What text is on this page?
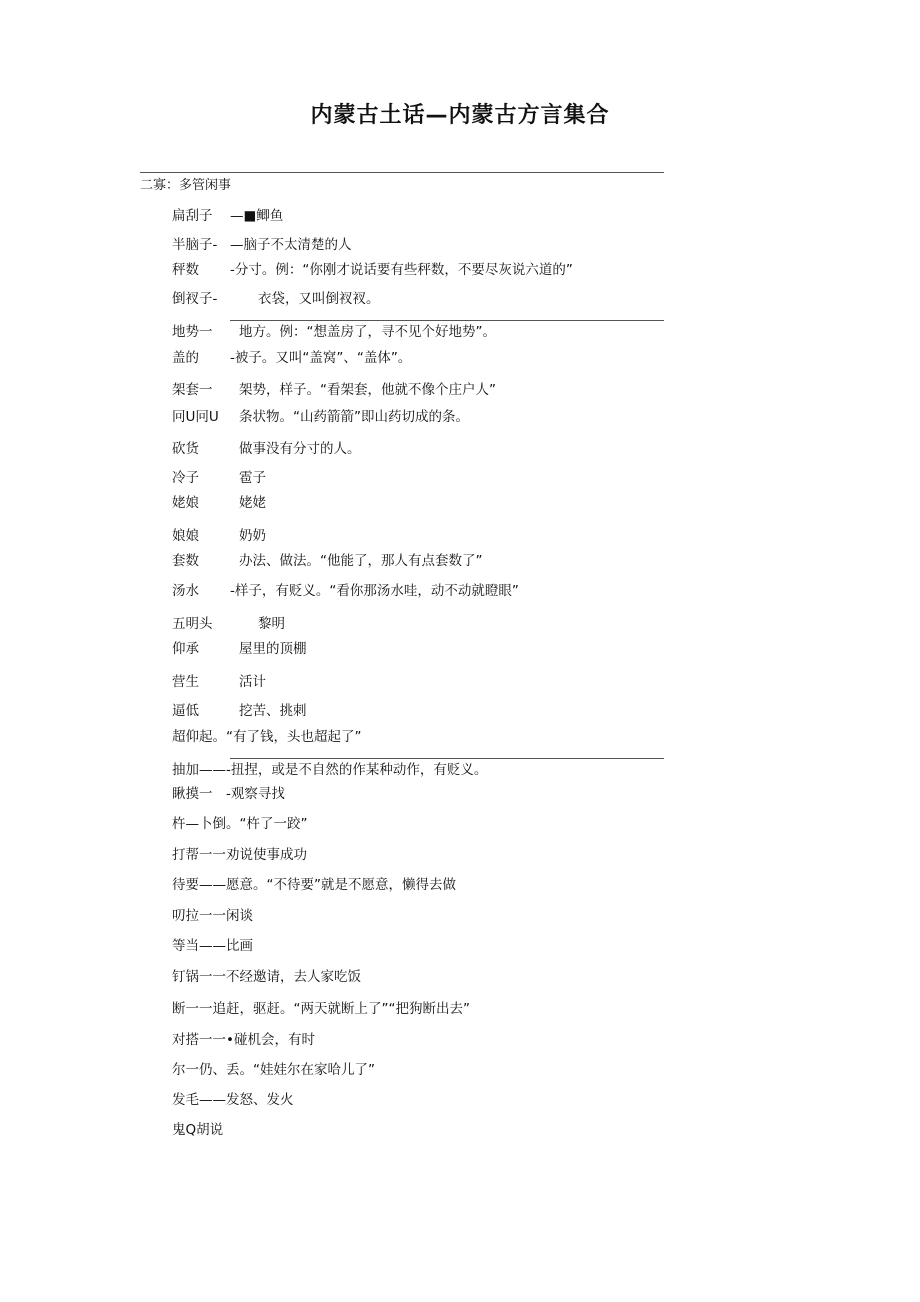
内蒙古土话—内蒙古方言集合
二寡：多管闲事
扁刮子 —■鲫鱼
半脑子- —脑子不太清楚的人
秤数 -分寸。例：“你刚才说话要有些秤数，不要尽灰说六道的”
倒衩子-	衣袋，又叫倒衩衩。
地势一 地方。例：“想盖房了，寻不见个好地势”。
盖的 -被子。又叫“盖窝”、“盖体”。
架套一 架势，样子。“看架套，他就不像个庄户人”
冋U冋U 条状物。“山药箭箭”即山药切成的条。
砍货	做事没有分寸的人。
冷子	雹子
姥娘	姥姥
娘娘	奶奶
套数	办法、做法。“他能了，那人有点套数了”
汤水 -样子，有贬义。“看你那汤水哇，动不动就瞪眼”
五明头	黎明
仰承	屋里的顶棚
营生	活计
逼低	挖苦、挑刺
超仰起。“有了钱，头也超起了”
抽加——-扭捏，或是不自然的作某种动作，有贬义。
瞅摸一　-观察寻找
杵—卜倒。“杵了一跤”
打帮一一劝说使事成功
待要——愿意。“不待要”就是不愿意，懒得去做
叨拉一一闲谈
等当——比画
钉锅一一不经邀请，去人家吃饭
断一一追赶，驱赶。“两天就断上了”“把狗断出去”
对搭一一•碰机会，有时
尔一仍、丢。“娃娃尔在家哈儿了”
发毛——发怒、发火
鬼Q胡说
